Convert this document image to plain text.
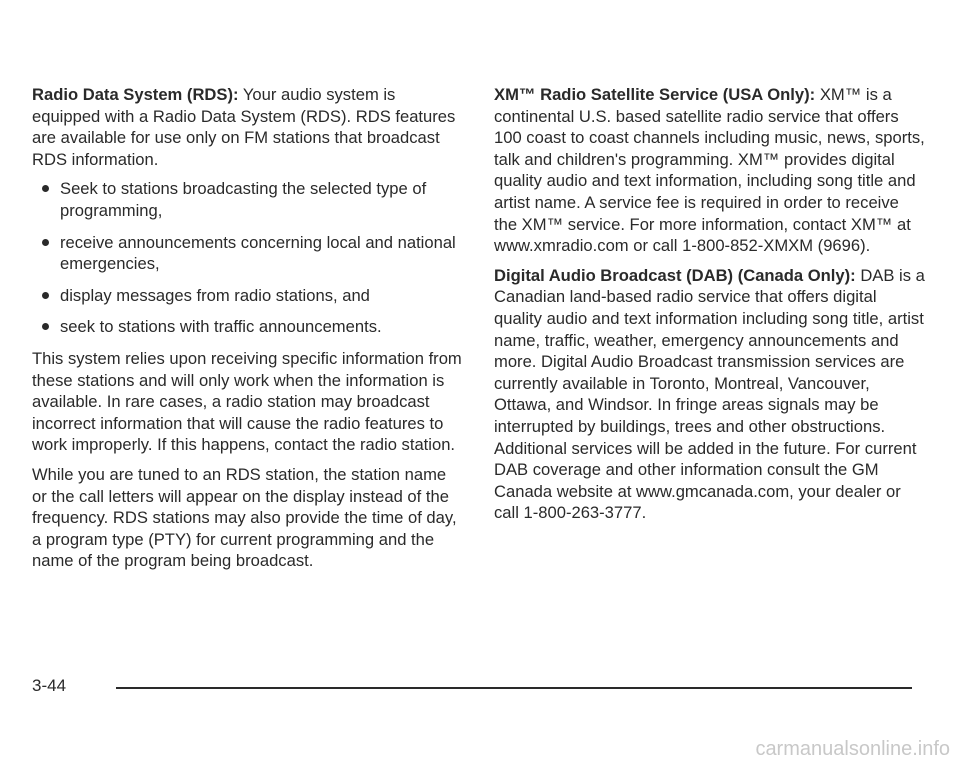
Radio Data System (RDS): Your audio system is equipped with a Radio Data System (RDS). RDS features are available for use only on FM stations that broadcast RDS information.

Seek to stations broadcasting the selected type of programming,
receive announcements concerning local and national emergencies,
display messages from radio stations, and
seek to stations with traffic announcements.

This system relies upon receiving specific information from these stations and will only work when the information is available. In rare cases, a radio station may broadcast incorrect information that will cause the radio features to work improperly. If this happens, contact the radio station.

While you are tuned to an RDS station, the station name or the call letters will appear on the display instead of the frequency. RDS stations may also provide the time of day, a program type (PTY) for current programming and the name of the program being broadcast.

XM™ Radio Satellite Service (USA Only): XM™ is a continental U.S. based satellite radio service that offers 100 coast to coast channels including music, news, sports, talk and children's programming. XM™ provides digital quality audio and text information, including song title and artist name. A service fee is required in order to receive the XM™ service. For more information, contact XM™ at www.xmradio.com or call 1-800-852-XMXM (9696).

Digital Audio Broadcast (DAB) (Canada Only): DAB is a Canadian land-based radio service that offers digital quality audio and text information including song title, artist name, traffic, weather, emergency announcements and more. Digital Audio Broadcast transmission services are currently available in Toronto, Montreal, Vancouver, Ottawa, and Windsor. In fringe areas signals may be interrupted by buildings, trees and other obstructions. Additional services will be added in the future. For current DAB coverage and other information consult the GM Canada website at www.gmcanada.com, your dealer or call 1-800-263-3777.

3-44
carmanualsonline.info
